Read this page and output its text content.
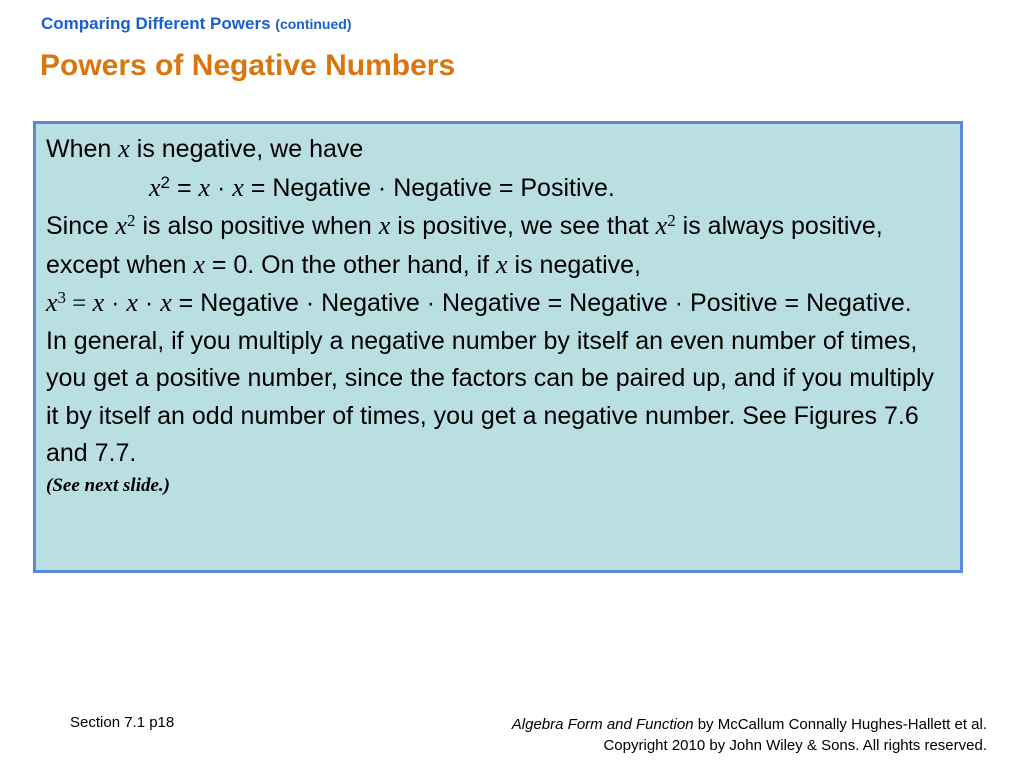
Comparing Different Powers (continued)
Powers of Negative Numbers

When x is negative, we have

$x^2 = x \cdot x$ = Negative · Negative = Positive.

Since $x^2$ is also positive when x is positive, we see that $x^2$ is always positive, except when x = 0. On the other hand, if x is negative,

$x^3 = x \cdot x \cdot x$ = Negative · Negative · Negative = Negative · Positive = Negative.

In general, if you multiply a negative number by itself an even number of times, you get a positive number, since the factors can be paired up, and if you multiply it by itself an odd number of times, you get a negative number. See Figures 7.6 and 7.7.

(See next slide.)

Section 7.1 p18	Algebra Form and Function by McCallum Connally Hughes-Hallett et al.
Copyright 2010 by John Wiley & Sons. All rights reserved.
